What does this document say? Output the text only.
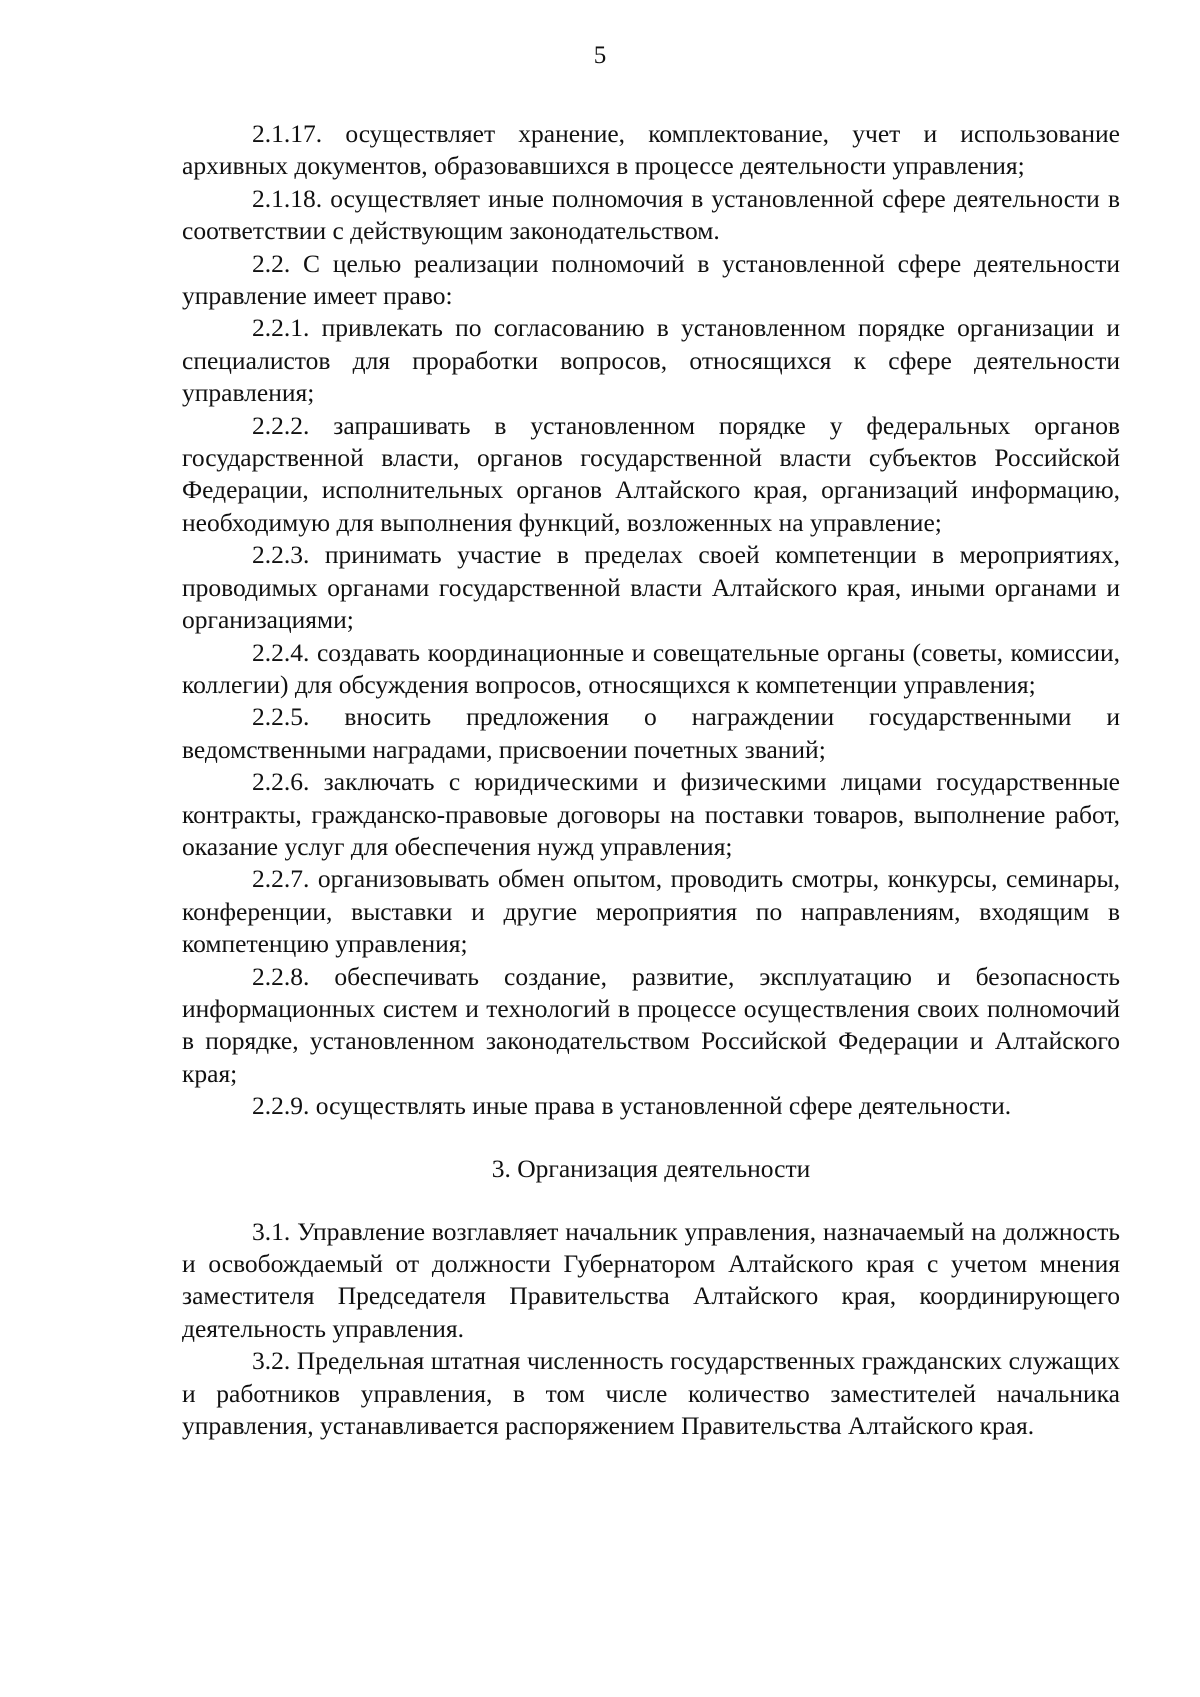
5

2.1.17. осуществляет хранение, комплектование, учет и использование архивных документов, образовавшихся в процессе деятельности управления;

2.1.18. осуществляет иные полномочия в установленной сфере деятельности в соответствии с действующим законодательством.

2.2. С целью реализации полномочий в установленной сфере деятельности управление имеет право:

2.2.1. привлекать по согласованию в установленном порядке организации и специалистов для проработки вопросов, относящихся к сфере деятельности управления;

2.2.2. запрашивать в установленном порядке у федеральных органов государственной власти, органов государственной власти субъектов Российской Федерации, исполнительных органов Алтайского края, организаций информацию, необходимую для выполнения функций, возложенных на управление;

2.2.3. принимать участие в пределах своей компетенции в мероприятиях, проводимых органами государственной власти Алтайского края, иными органами и организациями;

2.2.4. создавать координационные и совещательные органы (советы, комиссии, коллегии) для обсуждения вопросов, относящихся к компетенции управления;

2.2.5. вносить предложения о награждении государственными и ведомственными наградами, присвоении почетных званий;

2.2.6. заключать с юридическими и физическими лицами государственные контракты, гражданско-правовые договоры на поставки товаров, выполнение работ, оказание услуг для обеспечения нужд управления;

2.2.7. организовывать обмен опытом, проводить смотры, конкурсы, семинары, конференции, выставки и другие мероприятия по направлениям, входящим в компетенцию управления;

2.2.8. обеспечивать создание, развитие, эксплуатацию и безопасность информационных систем и технологий в процессе осуществления своих полномочий в порядке, установленном законодательством Российской Федерации и Алтайского края;

2.2.9. осуществлять иные права в установленной сфере деятельности.

3. Организация деятельности

3.1. Управление возглавляет начальник управления, назначаемый на должность и освобождаемый от должности Губернатором Алтайского края с учетом мнения заместителя Председателя Правительства Алтайского края, координирующего деятельность управления.

3.2. Предельная штатная численность государственных гражданских служащих и работников управления, в том числе количество заместителей начальника управления, устанавливается распоряжением Правительства Алтайского края.
